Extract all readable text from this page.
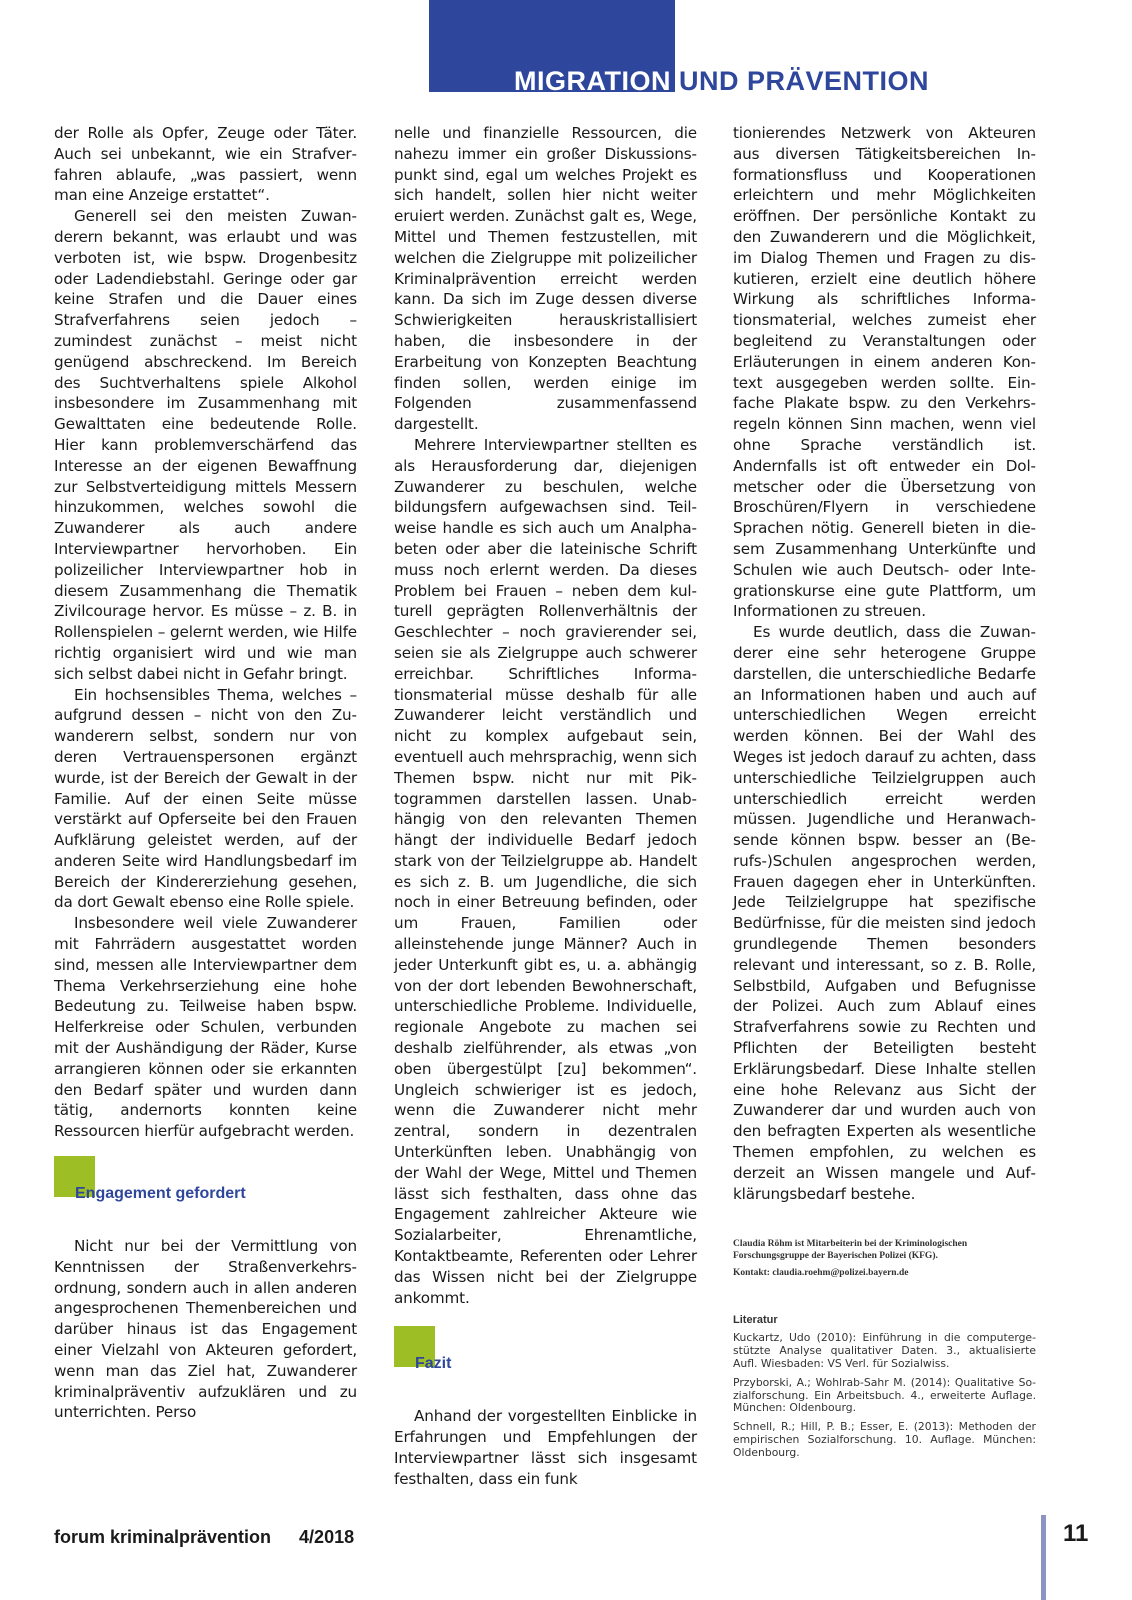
MIGRATION UND PRÄVENTION

der Rolle als Opfer, Zeuge oder Täter. Auch sei unbekannt, wie ein Strafverfahren ablaufe, „was passiert, wenn man eine Anzeige erstattet“.

Generell sei den meisten Zuwanderern bekannt, was erlaubt und was verboten ist, wie bspw. Drogenbesitz oder Ladendiebstahl. Geringe oder gar keine Strafen und die Dauer eines Strafverfahrens seien jedoch – zumindest zunächst – meist nicht genügend abschreckend. Im Bereich des Suchtverhaltens spiele Alkohol insbesondere im Zusammenhang mit Gewalttaten eine bedeutende Rolle. Hier kann problemverschärfend das Interesse an der eigenen Bewaffnung zur Selbstverteidigung mittels Messern hinzukommen, welches sowohl die Zuwanderer als auch andere Interviewpartner hervorhoben. Ein polizeilicher Interviewpartner hob in diesem Zusammenhang die Thematik Zivilcourage hervor. Es müsse – z. B. in Rollenspielen – gelernt werden, wie Hilfe richtig organisiert wird und wie man sich selbst dabei nicht in Gefahr bringt.

Ein hochsensibles Thema, welches – aufgrund dessen – nicht von den Zuwanderern selbst, sondern nur von deren Vertrauenspersonen ergänzt wurde, ist der Bereich der Gewalt in der Familie. Auf der einen Seite müsse verstärkt auf Opferseite bei den Frauen Aufklärung geleistet werden, auf der anderen Seite wird Handlungsbedarf im Bereich der Kindererziehung gesehen, da dort Gewalt ebenso eine Rolle spiele.

Insbesondere weil viele Zuwanderer mit Fahrrädern ausgestattet worden sind, messen alle Interviewpartner dem Thema Verkehrserziehung eine hohe Bedeutung zu. Teilweise haben bspw. Helferkreise oder Schulen, verbunden mit der Aushändigung der Räder, Kurse arrangieren können oder sie erkannten den Bedarf später und wurden dann tätig, andernorts konnten keine Ressourcen hierfür aufgebracht werden.

Engagement gefordert

Nicht nur bei der Vermittlung von Kenntnissen der Straßenverkehrsordnung, sondern auch in allen anderen angesprochenen Themenbereichen und darüber hinaus ist das Engagement einer Vielzahl von Akteuren gefordert, wenn man das Ziel hat, Zuwanderer kriminalpräventiv aufzuklären und zu unterrichten. Perso

nelle und finanzielle Ressourcen, die nahezu immer ein großer Diskussionspunkt sind, egal um welches Projekt es sich handelt, sollen hier nicht weiter eruiert werden. Zunächst galt es, Wege, Mittel und Themen festzustellen, mit welchen die Zielgruppe mit polizeilicher Kriminalprävention erreicht werden kann. Da sich im Zuge dessen diverse Schwierigkeiten herauskristallisiert haben, die insbesondere in der Erarbeitung von Konzepten Beachtung finden sollen, werden einige im Folgenden zusammenfassend dargestellt.

Mehrere Interviewpartner stellten es als Herausforderung dar, diejenigen Zuwanderer zu beschulen, welche bildungsfern aufgewachsen sind. Teilweise handle es sich auch um Analphabeten oder aber die lateinische Schrift muss noch erlernt werden. Da dieses Problem bei Frauen – neben dem kulturell geprägten Rollenverhältnis der Geschlechter – noch gravierender sei, seien sie als Zielgruppe auch schwerer erreichbar. Schriftliches Informationsmaterial müsse deshalb für alle Zuwanderer leicht verständlich und nicht zu komplex aufgebaut sein, eventuell auch mehrsprachig, wenn sich Themen bspw. nicht nur mit Piktogrammen darstellen lassen. Unabhängig von den relevanten Themen hängt der individuelle Bedarf jedoch stark von der Teilzielgruppe ab. Handelt es sich z. B. um Jugendliche, die sich noch in einer Betreuung befinden, oder um Frauen, Familien oder alleinstehende junge Männer? Auch in jeder Unterkunft gibt es, u. a. abhängig von der dort lebenden Bewohnerschaft, unterschiedliche Probleme. Individuelle, regionale Angebote zu machen sei deshalb zielführender, als etwas „von oben übergestülpt [zu] bekommen“. Ungleich schwieriger ist es jedoch, wenn die Zuwanderer nicht mehr zentral, sondern in dezentralen Unterkünften leben. Unabhängig von der Wahl der Wege, Mittel und Themen lässt sich festhalten, dass ohne das Engagement zahlreicher Akteure wie Sozialarbeiter, Ehrenamtliche, Kontaktbeamte, Referenten oder Lehrer das Wissen nicht bei der Zielgruppe ankommt.

Fazit

Anhand der vorgestellten Einblicke in Erfahrungen und Empfehlungen der Interviewpartner lässt sich insgesamt festhalten, dass ein funk

tionierendes Netzwerk von Akteuren aus diversen Tätigkeitsbereichen Informationsfluss und Kooperationen erleichtern und mehr Möglichkeiten eröffnen. Der persönliche Kontakt zu den Zuwanderern und die Möglichkeit, im Dialog Themen und Fragen zu diskutieren, erzielt eine deutlich höhere Wirkung als schriftliches Informationsmaterial, welches zumeist eher begleitend zu Veranstaltungen oder Erläuterungen in einem anderen Kontext ausgegeben werden sollte. Einfache Plakate bspw. zu den Verkehrsregeln können Sinn machen, wenn viel ohne Sprache verständlich ist. Andernfalls ist oft entweder ein Dolmetscher oder die Übersetzung von Broschüren/Flyern in verschiedene Sprachen nötig. Generell bieten in diesem Zusammenhang Unterkünfte und Schulen wie auch Deutsch- oder Integrationskurse eine gute Plattform, um Informationen zu streuen.

Es wurde deutlich, dass die Zuwanderer eine sehr heterogene Gruppe darstellen, die unterschiedliche Bedarfe an Informationen haben und auch auf unterschiedlichen Wegen erreicht werden können. Bei der Wahl des Weges ist jedoch darauf zu achten, dass unterschiedliche Teilzielgruppen auch unterschiedlich erreicht werden müssen. Jugendliche und Heranwachsende können bspw. besser an (Berufs-)Schulen angesprochen werden, Frauen dagegen eher in Unterkünften. Jede Teilzielgruppe hat spezifische Bedürfnisse, für die meisten sind jedoch grundlegende Themen besonders relevant und interessant, so z. B. Rolle, Selbstbild, Aufgaben und Befugnisse der Polizei. Auch zum Ablauf eines Strafverfahrens sowie zu Rechten und Pflichten der Beteiligten besteht Erklärungsbedarf. Diese Inhalte stellen eine hohe Relevanz aus Sicht der Zuwanderer dar und wurden auch von den befragten Experten als wesentliche Themen empfohlen, zu welchen es derzeit an Wissen mangele und Aufklärungsbedarf bestehe.

Claudia Röhm ist Mitarbeiterin bei der Kriminologischen Forschungsgruppe der Bayerischen Polizei (KFG).
Kontakt: claudia.roehm@polizei.bayern.de
Literatur
Kuckartz, Udo (2010): Einführung in die computergestützte Analyse qualitativer Daten. 3., aktualisierte Aufl. Wiesbaden: VS Verl. für Sozialwiss.
Przyborski, A.; Wohlrab-Sahr M. (2014): Qualitative Sozialforschung. Ein Arbeitsbuch. 4., erweiterte Auflage. München: Oldenbourg.
Schnell, R.; Hill, P. B.; Esser, E. (2013): Methoden der empirischen Sozialforschung. 10. Auflage. München: Oldenbourg.

forum kriminalprävention 4/2018	11
